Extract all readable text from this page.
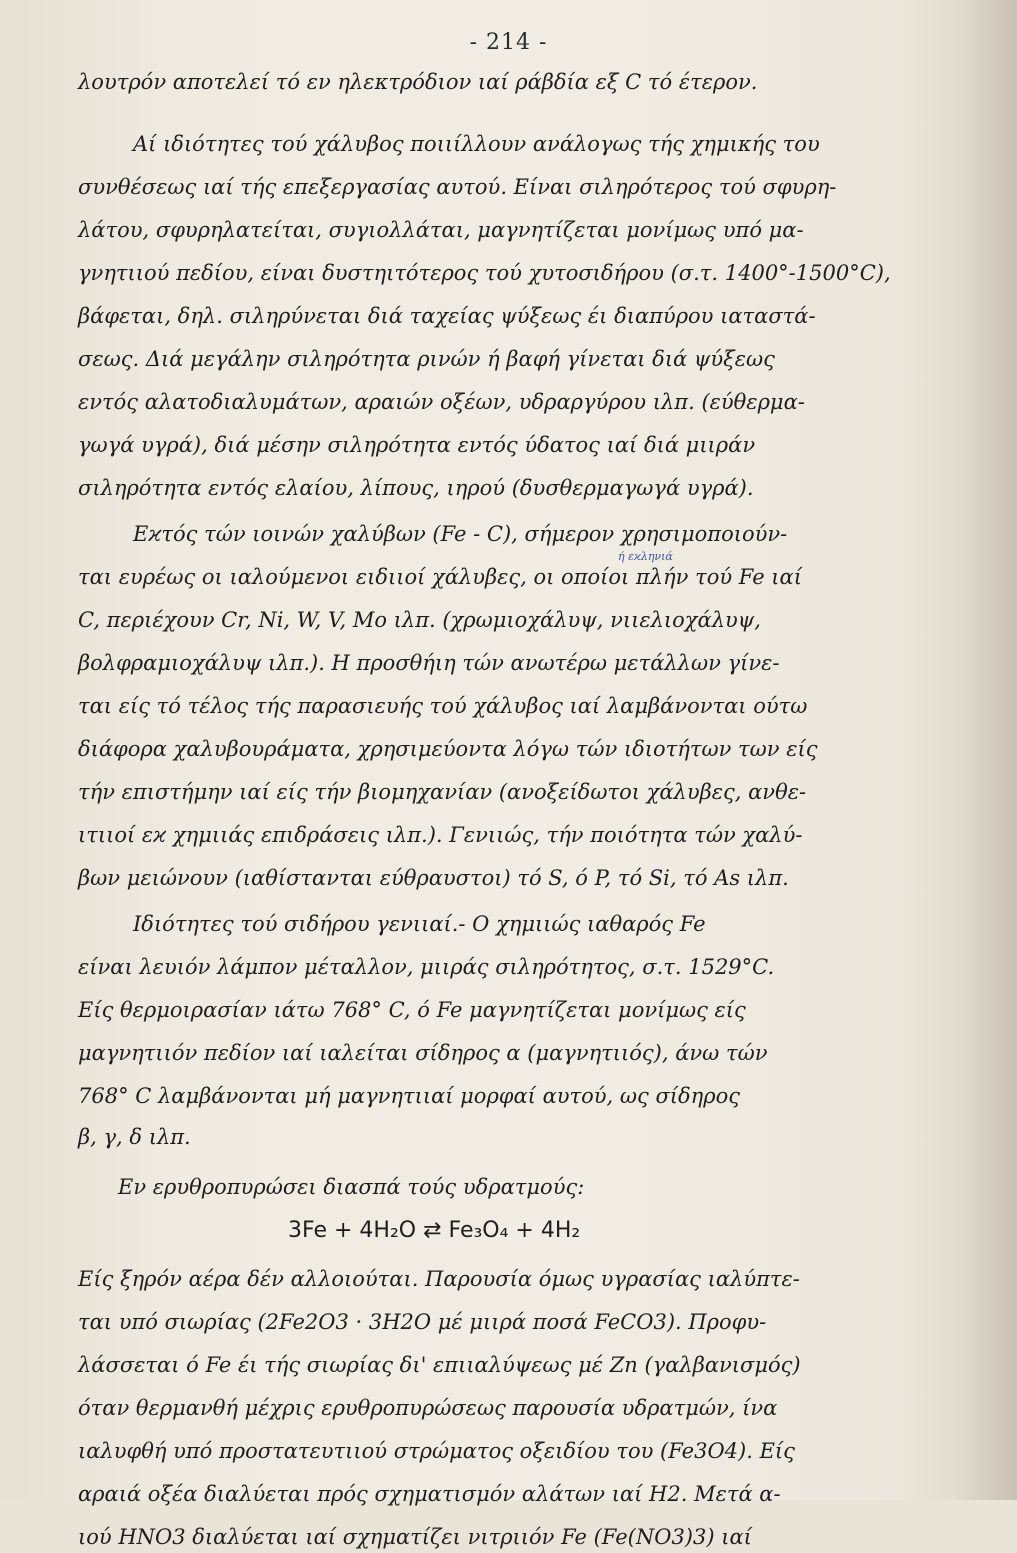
- 214 -
λουτρόν αποτελεί τό εν ηλεκτρόδιον ιαί ράβδία εξ C τό έτερον.
Αί ιδιότητες τού χάλυβος ποιιίλλουν ανάλογως τής χημικής του
συνθέσεως ιαί τής επεξεργασίας αυτού. Είναι σιληρότερος τού σφυρη-
λάτου, σφυρηλατείται, συγιολλάται, μαγνητίζεται μονίμως υπό μα-
γνητιιού πεδίου, είναι δυστηιτότερος τού χυτοσιδήρου (σ.τ. 1400°-1500°C),
βάφεται, δηλ. σιληρύνεται διά ταχείας ψύξεως έι διαπύρου ιαταστά-
σεως. Διά μεγάλην σιληρότητα ρινών ή βαφή γίνεται διά ψύξεως
εντός αλατοδιαλυμάτων, αραιών οξέων, υδραργύρου ιλπ. (εύθερμα-
γωγά υγρά), διά μέσην σιληρότητα εντός ύδατος ιαί διά μιιράν
σιληρότητα εντός ελαίου, λίπους, ιηρού (δυσθερμαγωγά υγρά).
Εϰτός τών ιοινών χαλύβων (Fe - C), σήμερον χρησιμοποιούν-
ή εϰληνιά
ται ευρέως οι ιαλούμενοι ειδιιοί χάλυβες, οι οποίοι πλήν τού Fe ιαί
C, περιέχουν Cr, Ni, W, V, Mo ιλπ. (χρωμιοχάλυψ, νιιελιοχάλυψ,
βολφραμιοχάλυψ ιλπ.). Η προσθήιη τών ανωτέρω μετάλλων γίνε-
ται είς τό τέλος τής παρασιευής τού χάλυβος ιαί λαμβάνονται ούτω
διάφορα χαλυβουράματα, χρησιμεύοντα λόγω τών ιδιοτήτων των είς
τήν επιστήμην ιαί είς τήν βιομηχανίαν (ανοξείδωτοι χάλυβες, ανθε-
ιτιιοί εϰ χημιιάς επιδράσεις ιλπ.). Γενιιώς, τήν ποιότητα τών χαλύ-
βων μειώνουν (ιαθίστανται εύθραυστοι) τό S, ό P, τό Si, τό As ιλπ.
Ιδιότητες τού σιδήρου γενιιαί.- Ο χημιιώς ιαθαρός Fe
είναι λευιόν λάμπον μέταλλον, μιιράς σιληρότητος, σ.τ. 1529°C.
Είς θερμοιρασίαν ιάτω 768° C, ό Fe μαγνητίζεται μονίμως είς
μαγνητιιόν πεδίον ιαί ιαλείται σίδηρος α (μαγνητιιός), άνω τών
768° C λαμβάνονται μή μαγνητιιαί μορφαί αυτού, ως σίδηρος
β, γ, δ ιλπ.
Εν ερυθροπυρώσει διασπά τούς υδρατμούς:
3Fe + 4H₂O ⇄ Fe₃O₄ + 4H₂
Είς ξηρόν αέρα δέν αλλοιούται. Παρουσία όμως υγρασίας ιαλύπτε-
ται υπό σιωρίας (2Fe2O3 · 3H2O μέ μιιρά ποσά FeCO3). Προφυ-
λάσσεται ό Fe έι τής σιωρίας δι' επιιαλύψεως μέ Zn (γαλβανισμός)
όταν θερμανθή μέχρις ερυθροπυρώσεως παρουσία υδρατμών, ίνα
ιαλυφθή υπό προστατευτιιού στρώματος οξειδίου του (Fe3O4). Είς
αραιά οξέα διαλύεται πρός σχηματισμόν αλάτων ιαί H2. Μετά α-
ιού HNO3 διαλύεται ιαί σχηματίζει νιτριιόν Fe (Fe(NO3)3) ιαί
